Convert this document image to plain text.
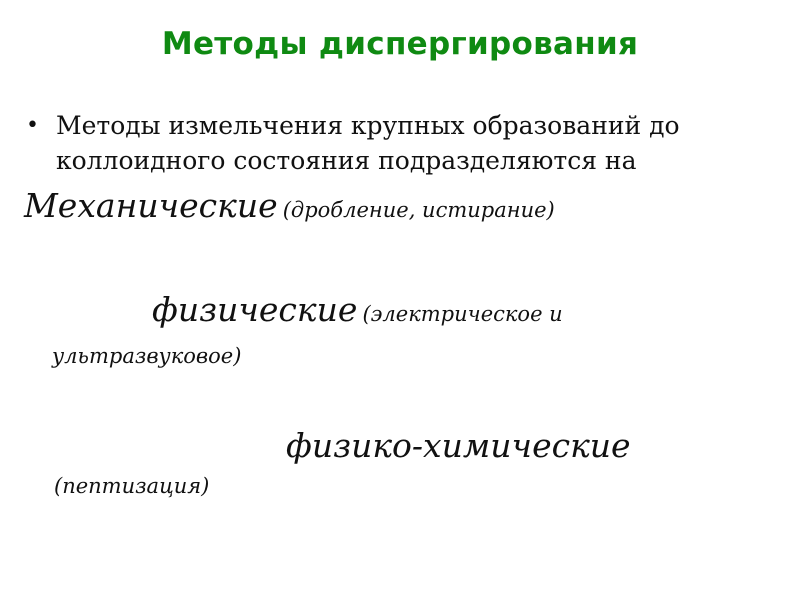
Методы диспергирования
• Методы измельчения крупных образований до коллоидного состояния подразделяются на
Механические (дробление, истирание)
физические (электрическое и ультразвуковое)
физико-химические
(пептизация)
